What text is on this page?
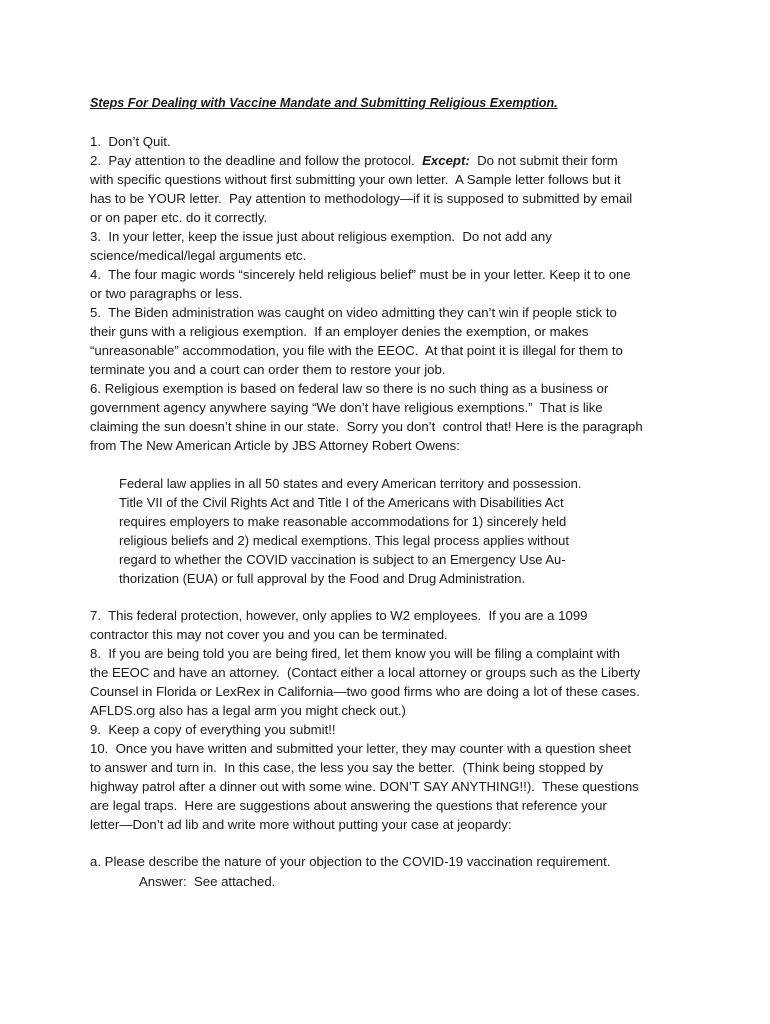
Steps For Dealing with Vaccine Mandate and Submitting Religious Exemption.
1.  Don’t Quit.
2.  Pay attention to the deadline and follow the protocol. Except:  Do not submit their form
with specific questions without first submitting your own letter.  A Sample letter follows but it
has to be YOUR letter.  Pay attention to methodology—if it is supposed to submitted by email
or on paper etc. do it correctly.
3.  In your letter, keep the issue just about religious exemption.  Do not add any
science/medical/legal arguments etc.
4.  The four magic words “sincerely held religious belief” must be in your letter. Keep it to one
or two paragraphs or less.
5.  The Biden administration was caught on video admitting they can’t win if people stick to
their guns with a religious exemption.  If an employer denies the exemption, or makes
“unreasonable” accommodation, you file with the EEOC.  At that point it is illegal for them to
terminate you and a court can order them to restore your job.
6. Religious exemption is based on federal law so there is no such thing as a business or
government agency anywhere saying “We don’t have religious exemptions.”  That is like
claiming the sun doesn’t shine in our state.  Sorry you don’t  control that! Here is the paragraph
from The New American Article by JBS Attorney Robert Owens:
Federal law applies in all 50 states and every American territory and possession.
Title VII of the Civil Rights Act and Title I of the Americans with Disabilities Act
requires employers to make reasonable accommodations for 1) sincerely held
religious beliefs and 2) medical exemptions. This legal process applies without
regard to whether the COVID vaccination is subject to an Emergency Use Au-
thorization (EUA) or full approval by the Food and Drug Administration.
7.  This federal protection, however, only applies to W2 employees.  If you are a 1099
contractor this may not cover you and you can be terminated.
8.  If you are being told you are being fired, let them know you will be filing a complaint with
the EEOC and have an attorney.  (Contact either a local attorney or groups such as the Liberty
Counsel in Florida or LexRex in California—two good firms who are doing a lot of these cases.
AFLDS.org also has a legal arm you might check out.)
9.  Keep a copy of everything you submit!!
10.  Once you have written and submitted your letter, they may counter with a question sheet
to answer and turn in.  In this case, the less you say the better.  (Think being stopped by
highway patrol after a dinner out with some wine. DON’T SAY ANYTHING!!).  These questions
are legal traps.  Here are suggestions about answering the questions that reference your
letter—Don’t ad lib and write more without putting your case at jeopardy:
a. Please describe the nature of your objection to the COVID-19 vaccination requirement.
Answer:  See attached.
